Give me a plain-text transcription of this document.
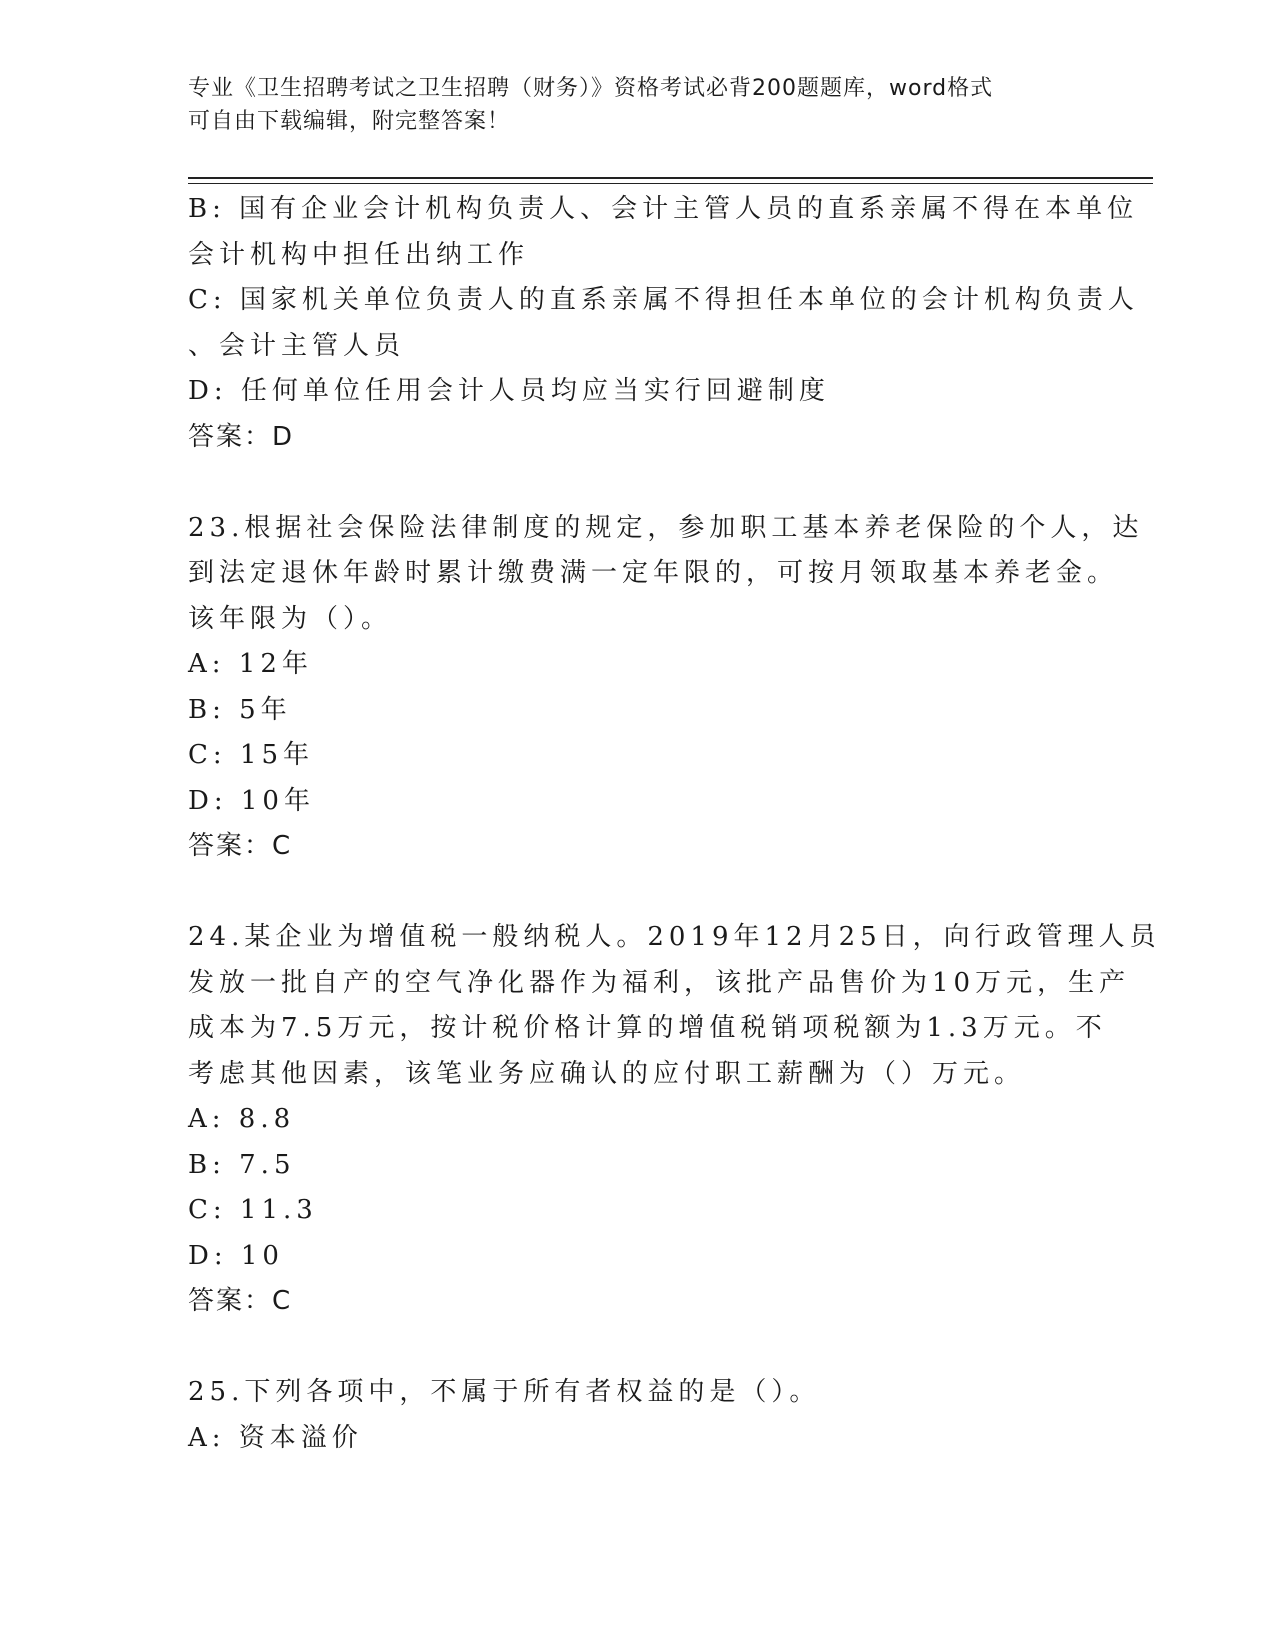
专业《卫生招聘考试之卫生招聘（财务）》资格考试必背200题题库，word格式
可自由下载编辑，附完整答案！
B: 国有企业会计机构负责人、会计主管人员的直系亲属不得在本单位
会计机构中担任出纳工作
C: 国家机关单位负责人的直系亲属不得担任本单位的会计机构负责人
、会计主管人员
D: 任何单位任用会计人员均应当实行回避制度
答案：D
23.根据社会保险法律制度的规定，参加职工基本养老保险的个人，达
到法定退休年龄时累计缴费满一定年限的，可按月领取基本养老金。
该年限为（）。
A: 12年
B: 5年
C: 15年
D: 10年
答案：C
24.某企业为增值税一般纳税人。2019年12月25日，向行政管理人员
发放一批自产的空气净化器作为福利，该批产品售价为10万元，生产
成本为7.5万元，按计税价格计算的增值税销项税额为1.3万元。不
考虑其他因素，该笔业务应确认的应付职工薪酬为（）万元。
A: 8.8
B: 7.5
C: 11.3
D: 10
答案：C
25.下列各项中，不属于所有者权益的是（）。
A: 资本溢价
